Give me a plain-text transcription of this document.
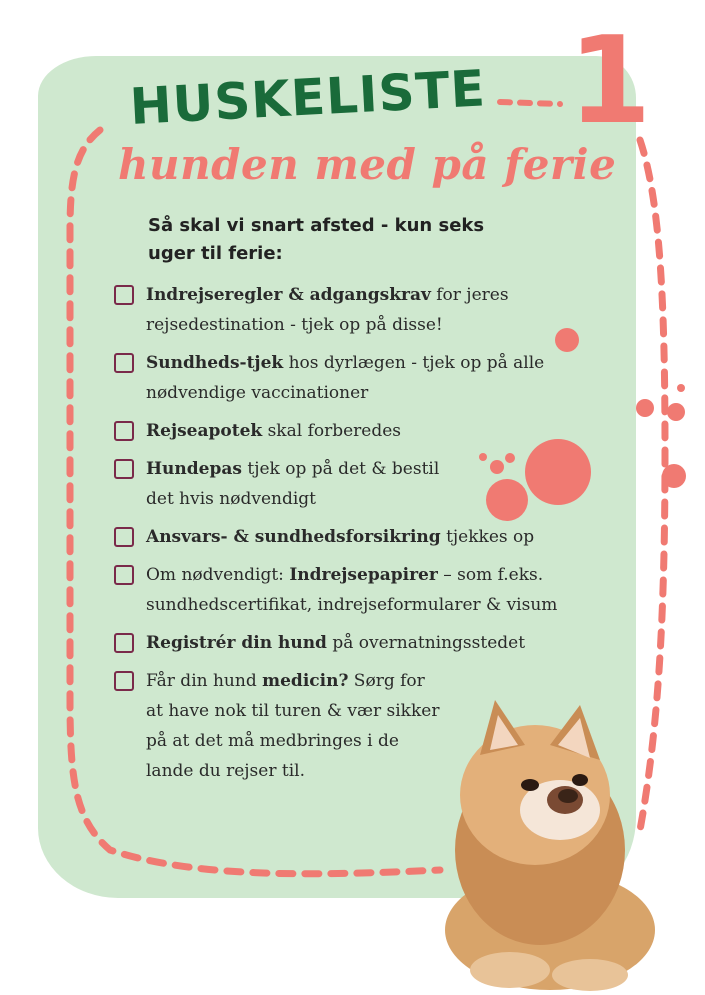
1
HUSKELISTE
hunden med på ferie
Så skal vi snart afsted - kun seks uger til ferie:
Indrejseregler & adgangskrav for jeres rejsedestination - tjek op på disse!
Sundheds-tjek hos dyrlægen - tjek op på alle nødvendige vaccinationer
Rejseapotek skal forberedes
Hundepas tjek op på det & bestil det hvis nødvendigt
Ansvars- & sundhedsforsikring tjekkes op
Om nødvendigt: Indrejsepapirer – som f.eks. sundhedscertifikat, indrejseformularer & visum
Registrér din hund på overnatningsstedet
Får din hund medicin? Sørg for at have nok til turen & vær sikker på at det må medbringes i de lande du rejser til.
